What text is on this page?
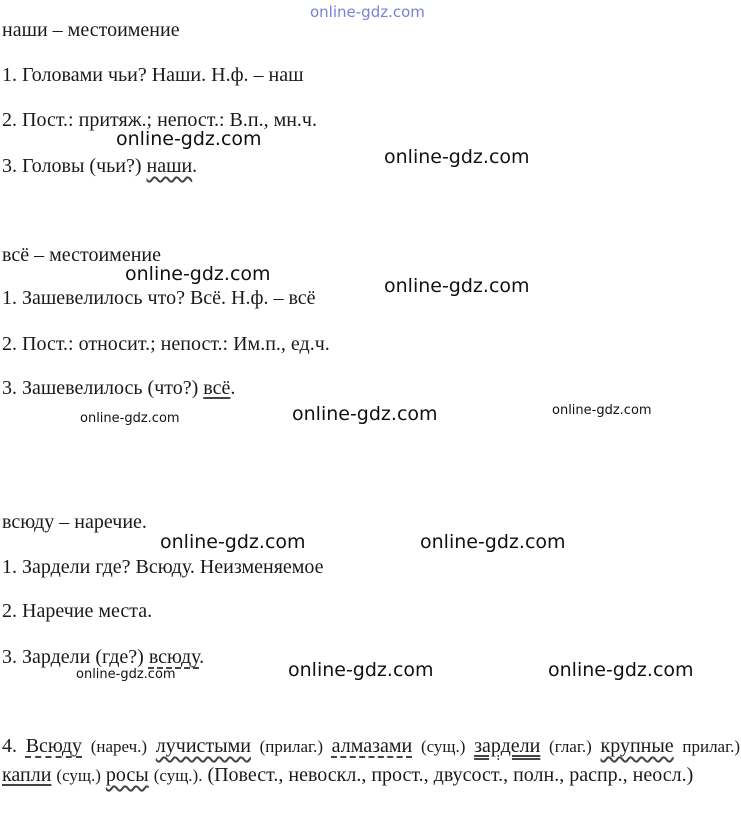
online-gdz.com
наши – местоимение
1. Головами чьи? Наши. Н.ф. – наш
2. Пост.: притяж.; непост.: В.п., мн.ч.
3. Головы (чьи?) наши.
всё – местоимение
1. Зашевелилось что? Всё. Н.ф. – всё
2. Пост.: относит.; непост.: Им.п., ед.ч.
3. Зашевелилось (что?) всё.
всюду – наречие.
1. Зардели где? Всюду. Неизменяемое
2. Наречие места.
3. Зардели (где?) всюду.
4. Всюду (нареч.) лучистыми (прилаг.) алмазами (сущ.) зардели (глаг.) крупные прилаг.) капли (сущ.) росы (сущ.). (Повест., невоскл., прост., двусост., полн., распр., неосл.)
online-gdz.com
online-gdz.com
online-gdz.com
online-gdz.com
online-gdz.com
online-gdz.com
online-gdz.com
online-gdz.com	online-gdz.com
online-gdz.com	online-gdz.com
online-gdz.com
